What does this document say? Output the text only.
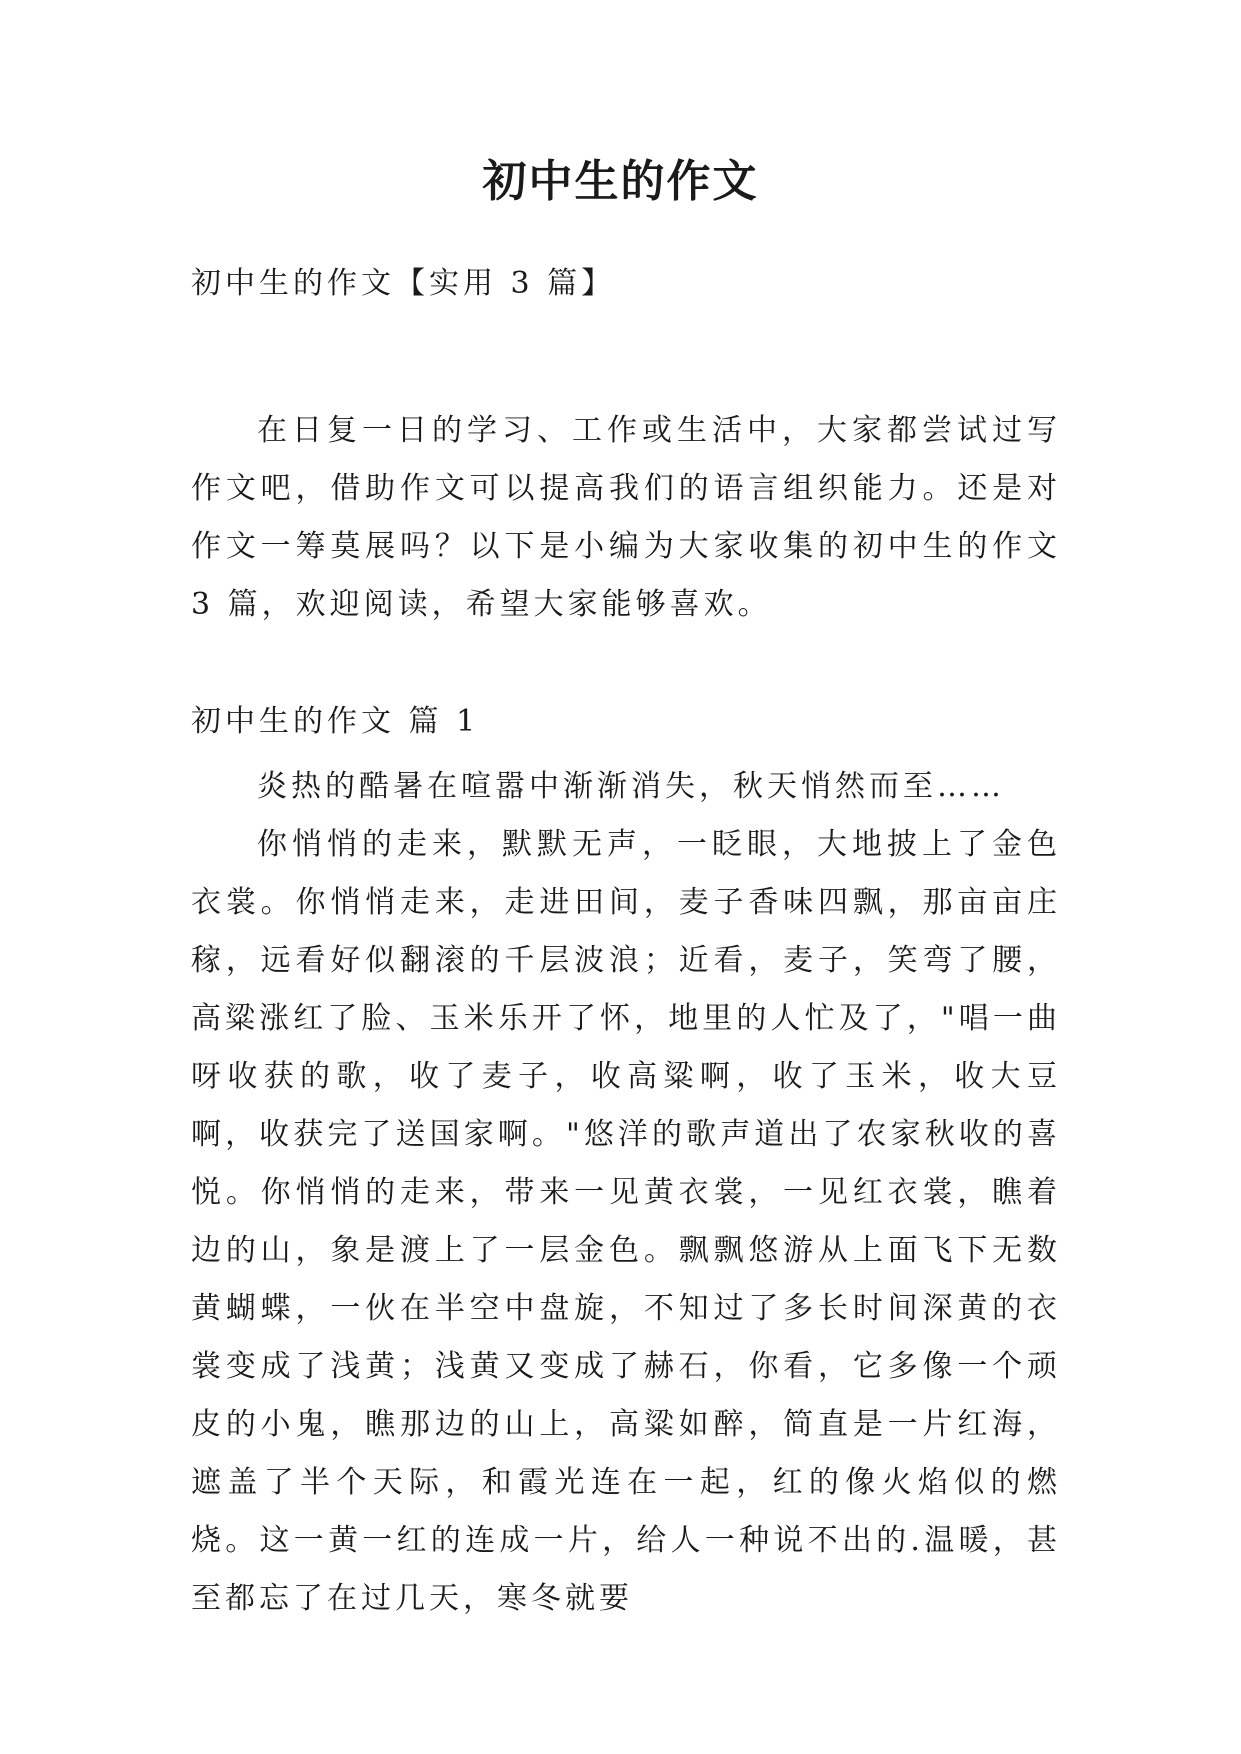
初中生的作文

初中生的作文【实用 3 篇】

在日复一日的学习、工作或生活中，大家都尝试过写作文吧，借助作文可以提高我们的语言组织能力。还是对作文一筹莫展吗？以下是小编为大家收集的初中生的作文 3 篇，欢迎阅读，希望大家能够喜欢。

初中生的作文 篇 1

炎热的酷暑在喧嚣中渐渐消失，秋天悄然而至……

你悄悄的走来，默默无声，一眨眼，大地披上了金色衣裳。你悄悄走来，走进田间，麦子香味四飘，那亩亩庄稼，远看好似翻滚的千层波浪；近看，麦子，笑弯了腰，高粱涨红了脸、玉米乐开了怀，地里的人忙及了，"唱一曲呀收获的歌，收了麦子，收高粱啊，收了玉米，收大豆啊，收获完了送国家啊。"悠洋的歌声道出了农家秋收的喜悦。你悄悄的走来，带来一见黄衣裳，一见红衣裳，瞧着边的山，象是渡上了一层金色。飘飘悠游从上面飞下无数黄蝴蝶，一伙在半空中盘旋，不知过了多长时间深黄的衣裳变成了浅黄；浅黄又变成了赫石，你看，它多像一个顽皮的小鬼，瞧那边的山上，高粱如醉，简直是一片红海，遮盖了半个天际，和霞光连在一起，红的像火焰似的燃烧。这一黄一红的连成一片，给人一种说不出的.温暖，甚至都忘了在过几天，寒冬就要
